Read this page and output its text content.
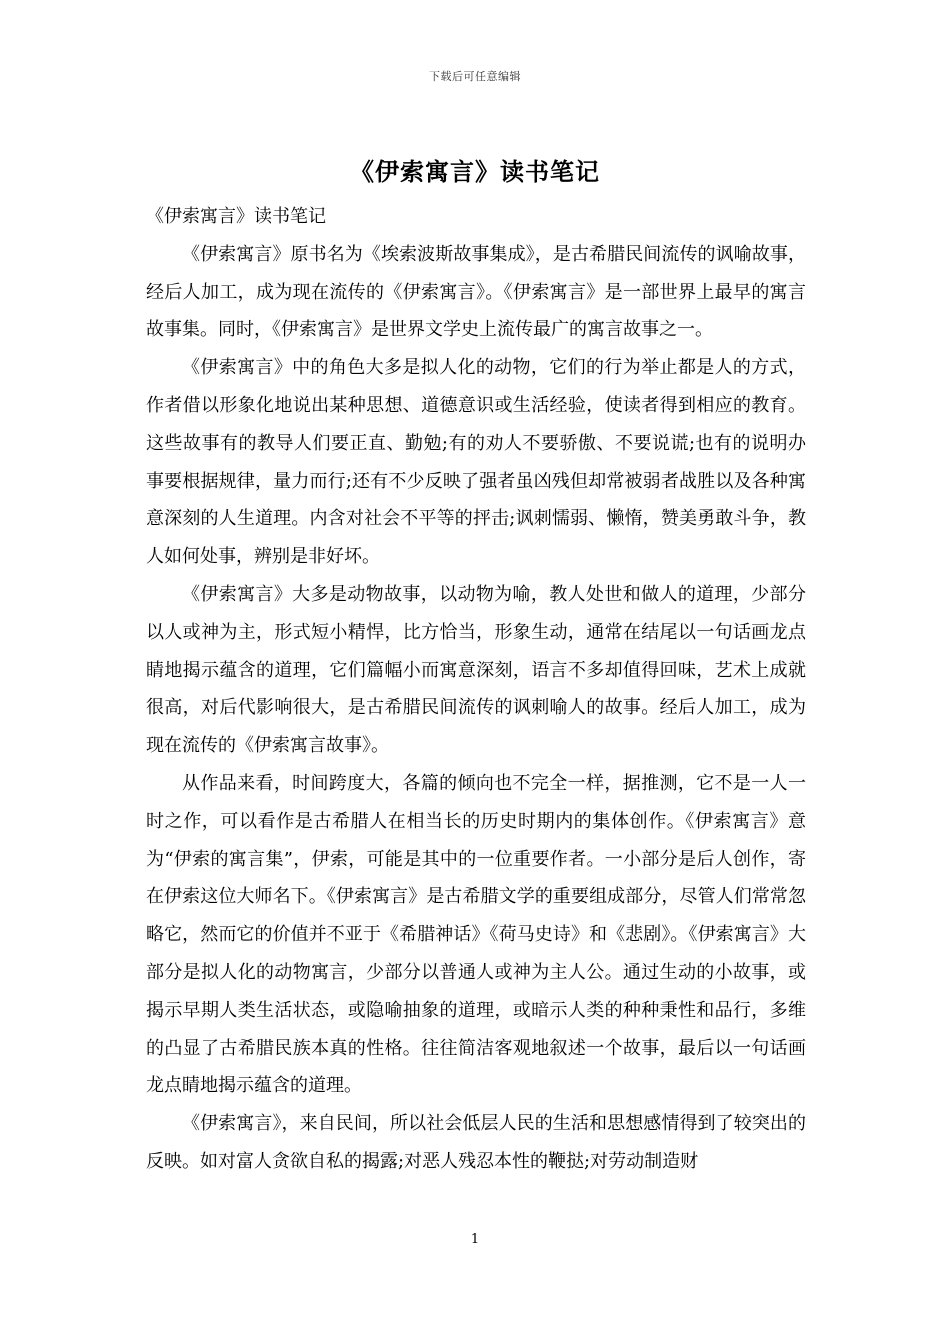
下载后可任意编辑
《伊索寓言》读书笔记

《伊索寓言》读书笔记

《伊索寓言》原书名为《埃索波斯故事集成》，是古希腊民间流传的讽喻故事，经后人加工，成为现在流传的《伊索寓言》。《伊索寓言》是一部世界上最早的寓言故事集。同时，《伊索寓言》是世界文学史上流传最广的寓言故事之一。

《伊索寓言》中的角色大多是拟人化的动物，它们的行为举止都是人的方式，作者借以形象化地说出某种思想、道德意识或生活经验，使读者得到相应的教育。这些故事有的教导人们要正直、勤勉;有的劝人不要骄傲、不要说谎;也有的说明办事要根据规律，量力而行;还有不少反映了强者虽凶残但却常被弱者战胜以及各种寓意深刻的人生道理。内含对社会不平等的抨击;讽刺懦弱、懒惰，赞美勇敢斗争，教人如何处事，辨别是非好坏。

《伊索寓言》大多是动物故事，以动物为喻，教人处世和做人的道理，少部分以人或神为主，形式短小精悍，比方恰当，形象生动，通常在结尾以一句话画龙点睛地揭示蕴含的道理，它们篇幅小而寓意深刻，语言不多却值得回味，艺术上成就很高，对后代影响很大，是古希腊民间流传的讽刺喻人的故事。经后人加工，成为现在流传的《伊索寓言故事》。

从作品来看，时间跨度大，各篇的倾向也不完全一样，据推测，它不是一人一时之作，可以看作是古希腊人在相当长的历史时期内的集体创作。《伊索寓言》意为“伊索的寓言集”，伊索，可能是其中的一位重要作者。一小部分是后人创作，寄在伊索这位大师名下。《伊索寓言》是古希腊文学的重要组成部分，尽管人们常常忽略它，然而它的价值并不亚于《希腊神话》《荷马史诗》和《悲剧》。《伊索寓言》大部分是拟人化的动物寓言，少部分以普通人或神为主人公。通过生动的小故事，或揭示早期人类生活状态，或隐喻抽象的道理，或暗示人类的种种秉性和品行，多维的凸显了古希腊民族本真的性格。往往简洁客观地叙述一个故事，最后以一句话画龙点睛地揭示蕴含的道理。

《伊索寓言》，来自民间，所以社会低层人民的生活和思想感情得到了较突出的反映。如对富人贪欲自私的揭露;对恶人残忍本性的鞭挞;对劳动制造财

1
